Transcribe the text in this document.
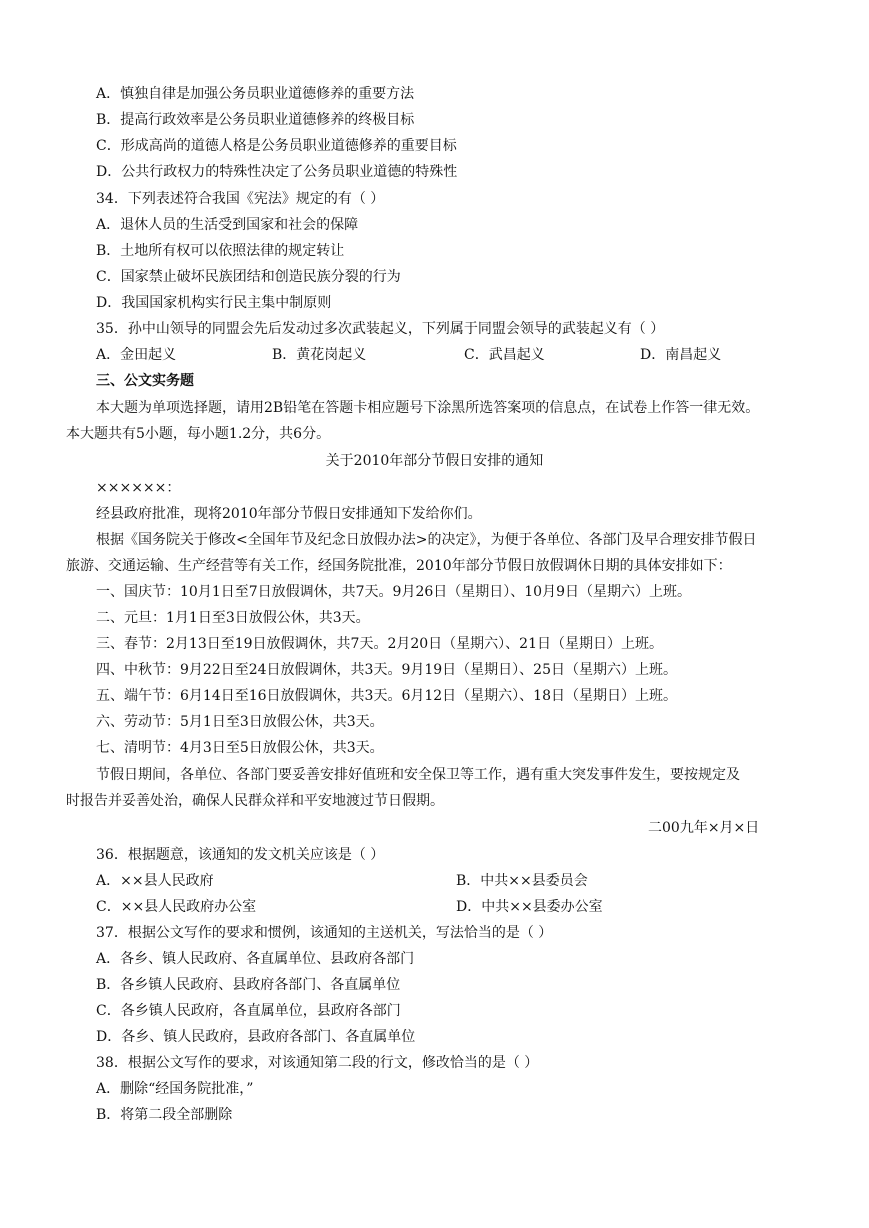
A．慎独自律是加强公务员职业道德修养的重要方法
B．提高行政效率是公务员职业道德修养的终极目标
C．形成高尚的道德人格是公务员职业道德修养的重要目标
D．公共行政权力的特殊性决定了公务员职业道德的特殊性
34．下列表述符合我国《宪法》规定的有（ ）
A．退休人员的生活受到国家和社会的保障
B．土地所有权可以依照法律的规定转让
C．国家禁止破坏民族团结和创造民族分裂的行为
D．我国国家机构实行民主集中制原则
35．孙中山领导的同盟会先后发动过多次武装起义，下列属于同盟会领导的武装起义有（ ）
A．金田起义	B．黄花岗起义	C．武昌起义	D．南昌起义
三、公文实务题
本大题为单项选择题，请用2B铅笔在答题卡相应题号下涂黑所选答案项的信息点，在试卷上作答一律无效。
本大题共有5小题，每小题1.2分，共6分。
关于2010年部分节假日安排的通知
××××××：
经县政府批准，现将2010年部分节假日安排通知下发给你们。
根据《国务院关于修改<全国年节及纪念日放假办法>的决定》，为便于各单位、各部门及早合理安排节假日
旅游、交通运输、生产经营等有关工作，经国务院批准，2010年部分节假日放假调休日期的具体安排如下：
一、国庆节：10月1日至7日放假调休，共7天。9月26日（星期日）、10月9日（星期六）上班。
二、元旦：1月1日至3日放假公休，共3天。
三、春节：2月13日至19日放假调休，共7天。2月20日（星期六）、21日（星期日）上班。
四、中秋节：9月22日至24日放假调休，共3天。9月19日（星期日）、25日（星期六）上班。
五、端午节：6月14日至16日放假调休，共3天。6月12日（星期六）、18日（星期日）上班。
六、劳动节：5月1日至3日放假公休，共3天。
七、清明节：4月3日至5日放假公休，共3天。
节假日期间，各单位、各部门要妥善安排好值班和安全保卫等工作，遇有重大突发事件发生，要按规定及
时报告并妥善处治，确保人民群众祥和平安地渡过节日假期。
二00九年×月×日
36．根据题意，该通知的发文机关应该是（ ）
A．××县人民政府	B．中共××县委员会
C．××县人民政府办公室	D．中共××县委办公室
37．根据公文写作的要求和惯例，该通知的主送机关，写法恰当的是（ ）
A．各乡、镇人民政府、各直属单位、县政府各部门
B．各乡镇人民政府、县政府各部门、各直属单位
C．各乡镇人民政府，各直属单位，县政府各部门
D．各乡、镇人民政府，县政府各部门、各直属单位
38．根据公文写作的要求，对该通知第二段的行文，修改恰当的是（ ）
A．删除“经国务院批准，”
B．将第二段全部删除
